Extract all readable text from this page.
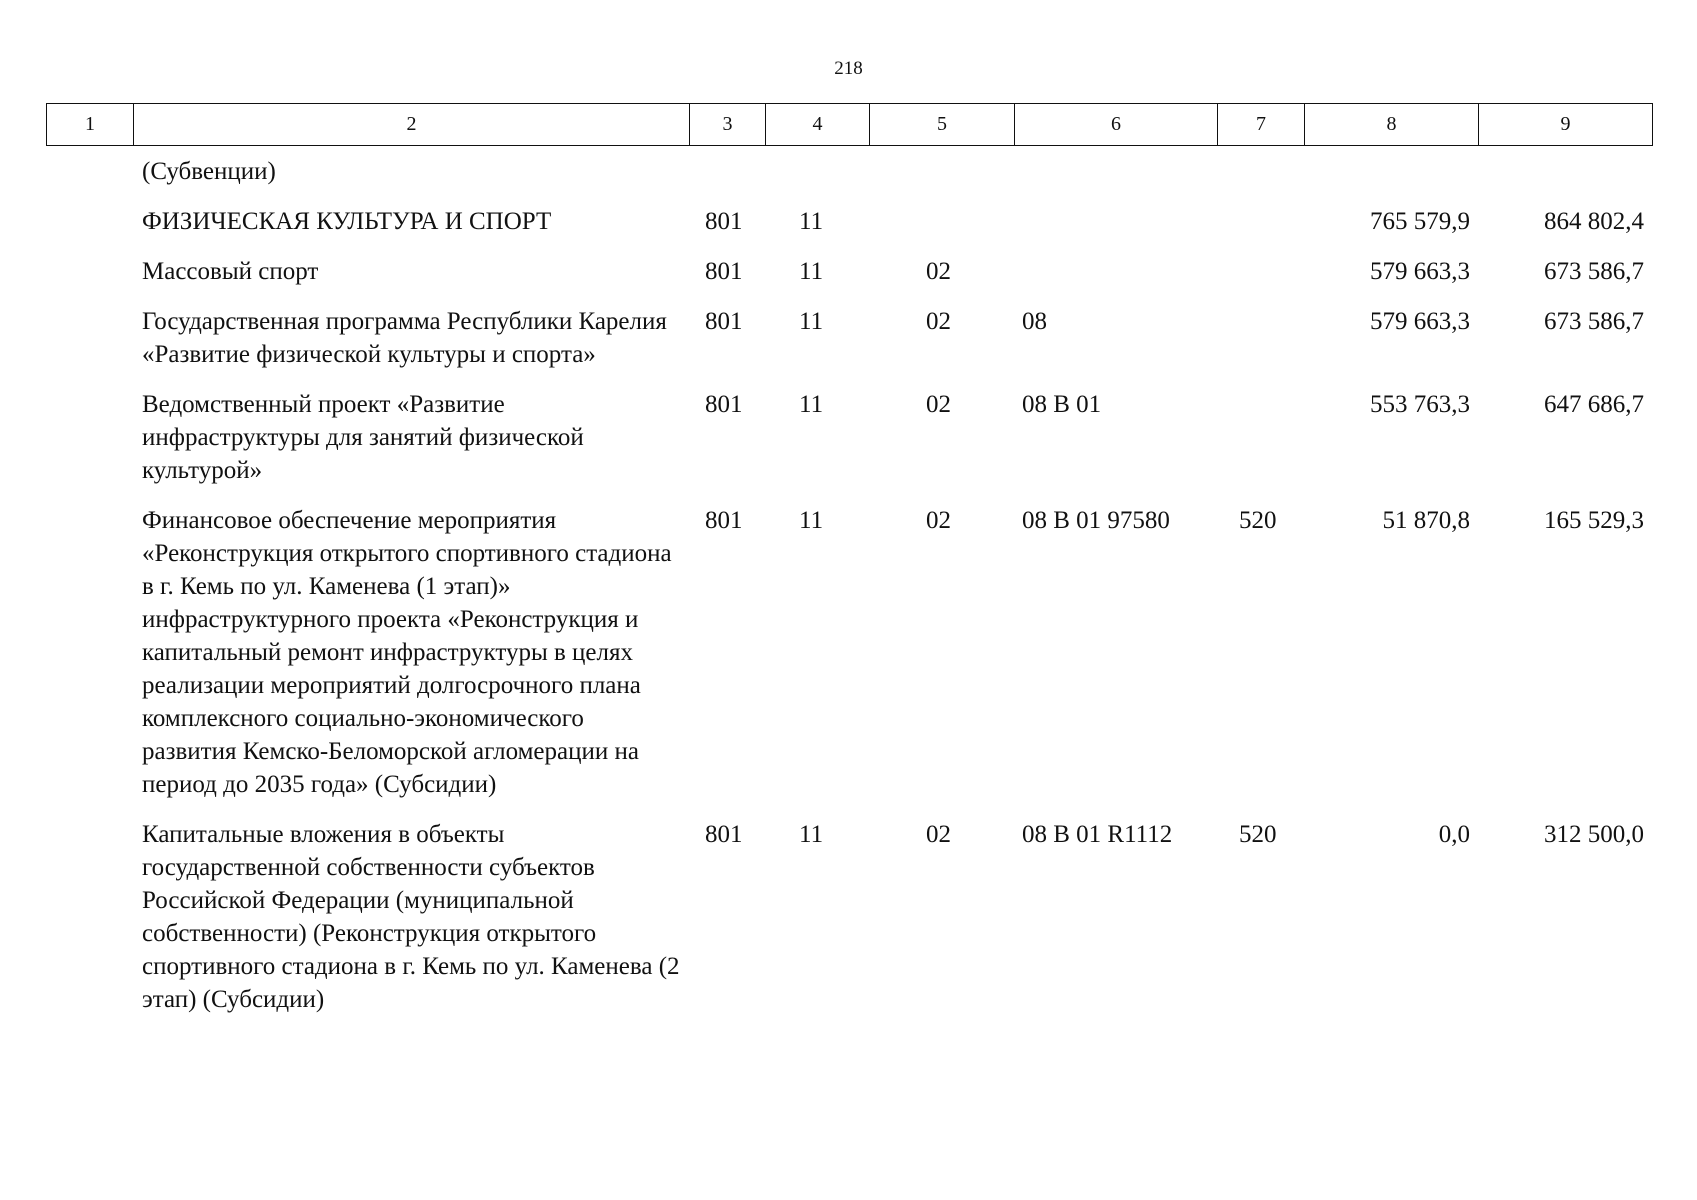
218
1	2	3	4	5	6	7	8	9
(Субвенции)							
ФИЗИЧЕСКАЯ КУЛЬТУРА И СПОРТ	801	11				765 579,9	864 802,4
Массовый спорт	801	11	02			579 663,3	673 586,7
Государственная программа Республики Карелия «Развитие физической культуры и спорта»	801	11	02	08		579 663,3	673 586,7
Ведомственный проект «Развитие инфраструктуры для занятий физической культурой»	801	11	02	08 В 01		553 763,3	647 686,7
Финансовое обеспечение мероприятия «Реконструкция открытого спортивного стадиона в г. Кемь по ул. Каменева (1 этап)» инфраструктурного проекта «Реконструкция и капитальный ремонт инфраструктуры в целях реализации мероприятий долгосрочного плана комплексного социально-экономического развития Кемско-Беломорской агломерации на период до 2035 года» (Субсидии)	801	11	02	08 В 01 97580	520	51 870,8	165 529,3
Капитальные вложения в объекты государственной собственности субъектов Российской Федерации (муниципальной собственности) (Реконструкция открытого спортивного стадиона в г. Кемь по ул. Каменева (2 этап) (Субсидии)	801	11	02	08 В 01 R1112	520	0,0	312 500,0
